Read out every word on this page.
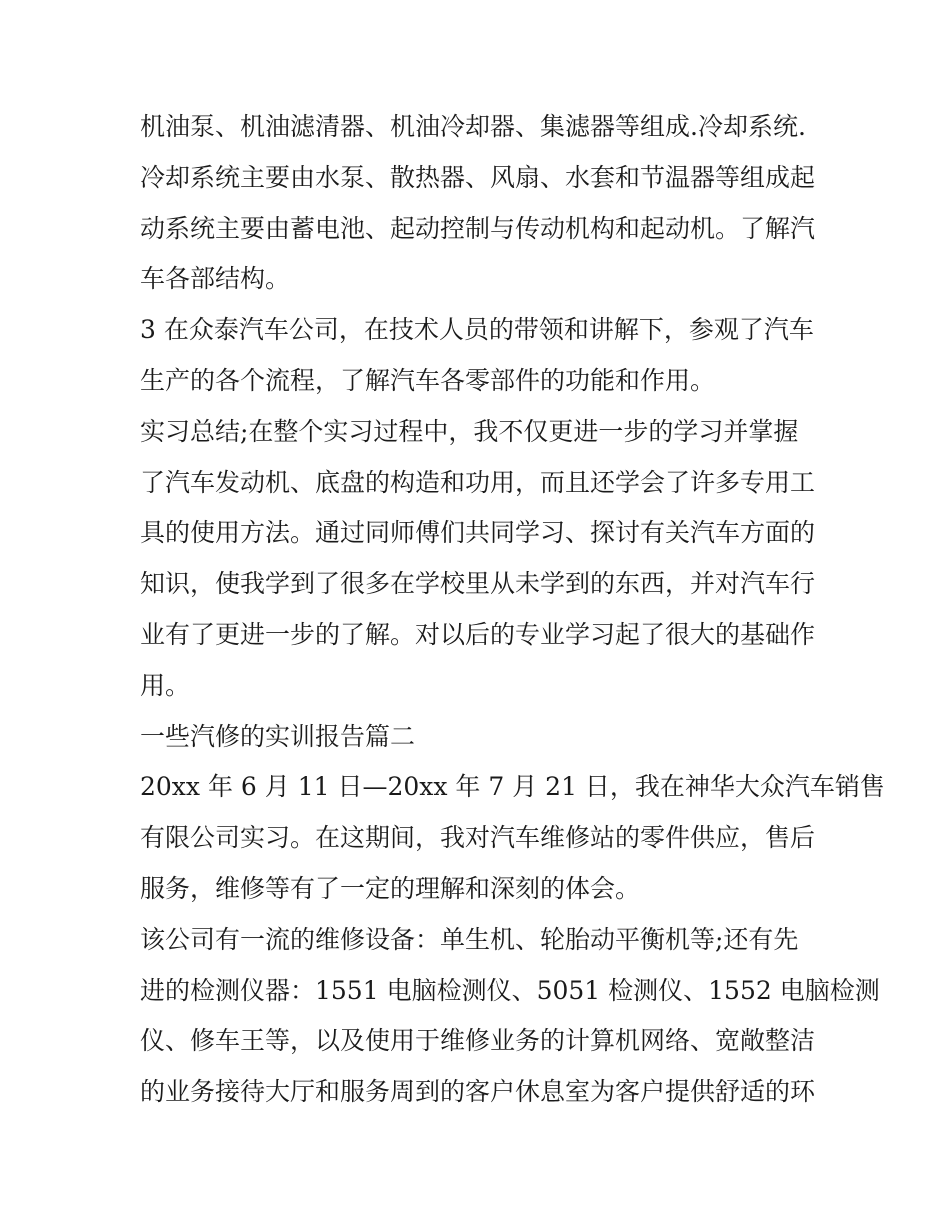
机油泵、机油滤清器、机油冷却器、集滤器等组成.冷却系统.
冷却系统主要由水泵、散热器、风扇、水套和节温器等组成起
动系统主要由蓄电池、起动控制与传动机构和起动机。了解汽
车各部结构。
3 在众泰汽车公司，在技术人员的带领和讲解下，参观了汽车
生产的各个流程，了解汽车各零部件的功能和作用。
实习总结;在整个实习过程中，我不仅更进一步的学习并掌握
了汽车发动机、底盘的构造和功用，而且还学会了许多专用工
具的使用方法。通过同师傅们共同学习、探讨有关汽车方面的
知识，使我学到了很多在学校里从未学到的东西，并对汽车行
业有了更进一步的了解。对以后的专业学习起了很大的基础作
用。
一些汽修的实训报告篇二
20xx 年 6 月 11 日—20xx 年 7 月 21 日，我在神华大众汽车销售
有限公司实习。在这期间，我对汽车维修站的零件供应，售后
服务，维修等有了一定的理解和深刻的体会。
该公司有一流的维修设备：单生机、轮胎动平衡机等;还有先
进的检测仪器：1551 电脑检测仪、5051 检测仪、1552 电脑检测
仪、修车王等，以及使用于维修业务的计算机网络、宽敞整洁
的业务接待大厅和服务周到的客户休息室为客户提供舒适的环
